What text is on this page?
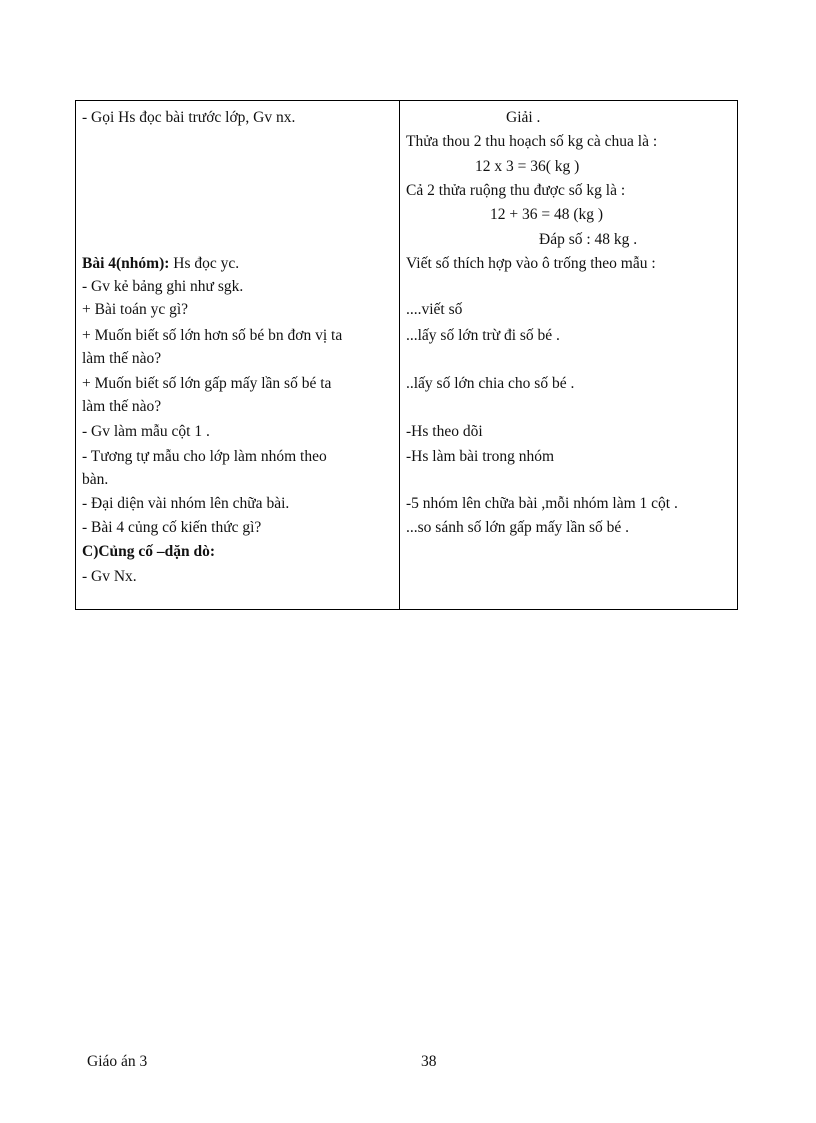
- Gọi Hs đọc bài trước lớp, Gv nx.
Bài 4(nhóm): Hs đọc yc.
- Gv kẻ bảng ghi như sgk.
+ Bài toán yc gì?
+ Muốn biết số lớn hơn số bé bn đơn vị ta
làm thế nào?
+ Muốn biết số lớn gấp mấy lần số bé ta
làm thế nào?
- Gv làm mẫu cột 1 .
- Tương tự mẫu cho lớp làm nhóm theo
bàn.
- Đại diện vài nhóm lên chữa bài.
- Bài 4 củng cố kiến thức gì?
C)Củng cố –dặn dò:
- Gv Nx.
Giải .
Thửa thou 2 thu hoạch số kg cà chua là :
12 x 3 = 36( kg )
Cả 2 thửa ruộng thu được số kg là :
12 + 36 = 48 (kg )
Đáp số : 48 kg .
Viết số thích hợp vào ô trống theo mẫu :
....viết số
...lấy số lớn trừ đi số bé .
..lấy số lớn chia cho số bé .
-Hs theo dõi
-Hs làm bài trong nhóm
-5 nhóm lên chữa bài ,mỗi nhóm làm 1 cột .
...so sánh số lớn gấp mấy lần số bé .
Giáo án 3	38
